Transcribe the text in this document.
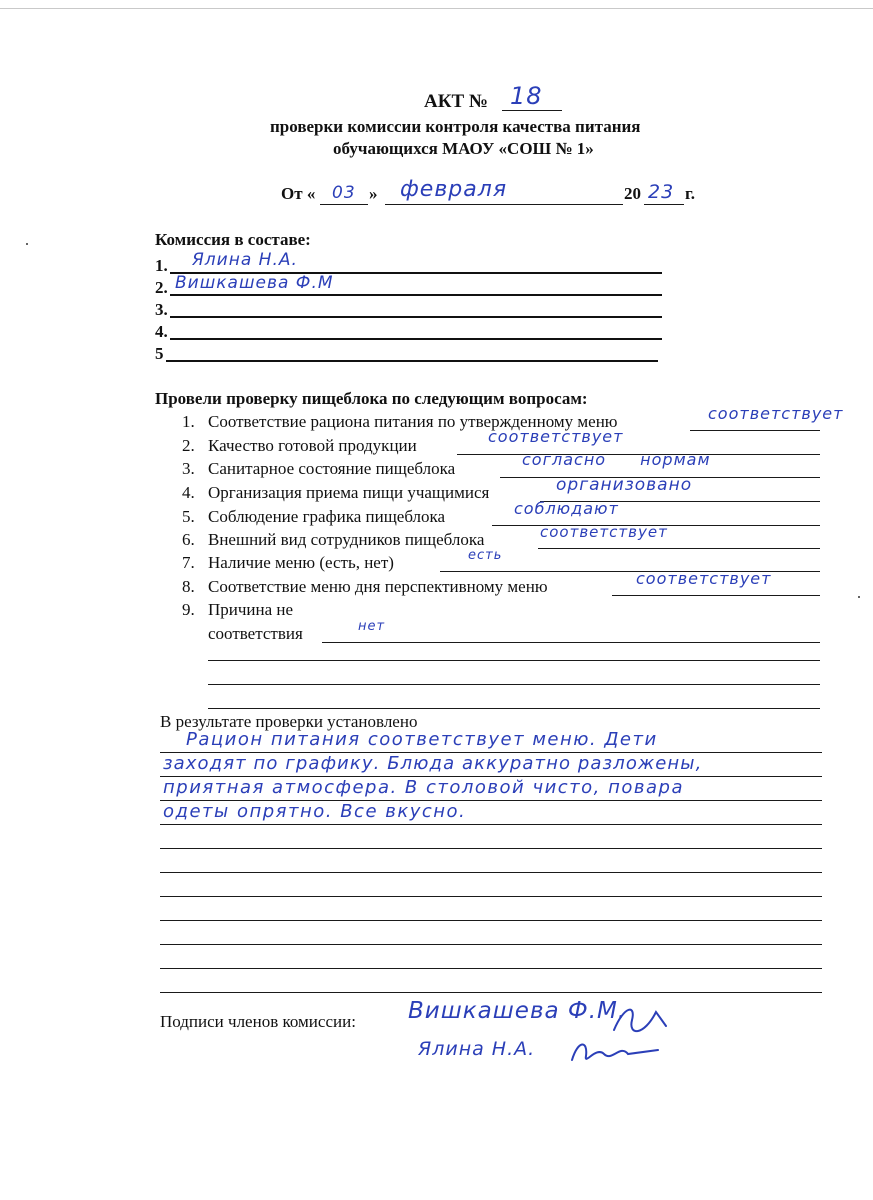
АКТ № 18
проверки комиссии контроля качества питания
обучающихся МАОУ «СОШ № 1»
От « 03 » февраля	20 23 г.
Комиссия в составе:
1. Ялина Н.А.
2. Вишкашева Ф.М
3.
4.
5
Провели проверку пищеблока по следующим вопросам:
1. Соответствие рациона питания по утвержденному меню	соответствует
2. Качество готовой продукции	соответствует
3. Санитарное состояние пищеблока	согласно нормам
4. Организация приема пищи учащимися	организовано
5. Соблюдение графика пищеблока	соблюдают
6. Внешний вид сотрудников пищеблока	соответствует
7. Наличие меню (есть, нет)	есть
8. Соответствие меню дня перспективному меню	соответствует
9. Причина не
соответствия	нет
В результате проверки установлено
Рацион питания соответствует меню. Дети
заходят по графику. Блюда аккуратно разложены,
приятная атмосфера. В столовой чисто, повара
одеты опрятно. Все вкусно.
Подписи членов комиссии: Вишкашева Ф.М.
Ялина Н.А.
